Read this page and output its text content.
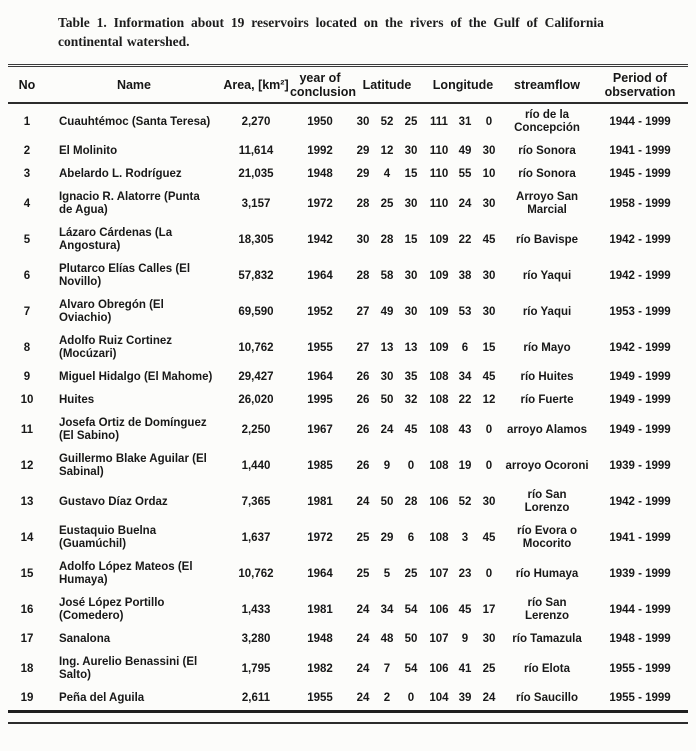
Table 1. Information about 19 reservoirs located on the rivers of the Gulf of California
continental watershed.
No	Name	Area, [km²]	year of conclusion	Latitude			Longitude			streamflow	Period of observation
1	Cuauhtémoc (Santa Teresa)	2,270	1950	30	52	25	111	31	0	río de la Concepción	1944 - 1999
2	El Molinito	11,614	1992	29	12	30	110	49	30	río Sonora	1941 - 1999
3	Abelardo L. Rodríguez	21,035	1948	29	4	15	110	55	10	río Sonora	1945 - 1999
4	Ignacio R. Alatorre (Punta de Agua)	3,157	1972	28	25	30	110	24	30	Arroyo San Marcial	1958 - 1999
5	Lázaro Cárdenas (La Angostura)	18,305	1942	30	28	15	109	22	45	río Bavispe	1942 - 1999
6	Plutarco Elías Calles (El Novillo)	57,832	1964	28	58	30	109	38	30	río Yaqui	1942 - 1999
7	Alvaro Obregón (El Oviachio)	69,590	1952	27	49	30	109	53	30	río Yaqui	1953 - 1999
8	Adolfo Ruiz Cortinez (Mocúzari)	10,762	1955	27	13	13	109	6	15	río Mayo	1942 - 1999
9	Miguel Hidalgo (El Mahome)	29,427	1964	26	30	35	108	34	45	río Huites	1949 - 1999
10	Huites	26,020	1995	26	50	32	108	22	12	río Fuerte	1949 - 1999
11	Josefa Ortiz de Domínguez (El Sabino)	2,250	1967	26	24	45	108	43	0	arroyo Alamos	1949 - 1999
12	Guillermo Blake Aguilar (El Sabinal)	1,440	1985	26	9	0	108	19	0	arroyo Ocoroni	1939 - 1999
13	Gustavo Díaz Ordaz	7,365	1981	24	50	28	106	52	30	río San Lorenzo	1942 - 1999
14	Eustaquio Buelna (Guamúchil)	1,637	1972	25	29	6	108	3	45	río Evora o Mocorito	1941 - 1999
15	Adolfo López Mateos (El Humaya)	10,762	1964	25	5	25	107	23	0	río Humaya	1939 - 1999
16	José López Portillo (Comedero)	1,433	1981	24	34	54	106	45	17	río San Lerenzo	1944 - 1999
17	Sanalona	3,280	1948	24	48	50	107	9	30	río Tamazula	1948 - 1999
18	Ing. Aurelio Benassini (El Salto)	1,795	1982	24	7	54	106	41	25	río Elota	1955 - 1999
19	Peña del Aguila	2,611	1955	24	2	0	104	39	24	río Saucillo	1955 - 1999
